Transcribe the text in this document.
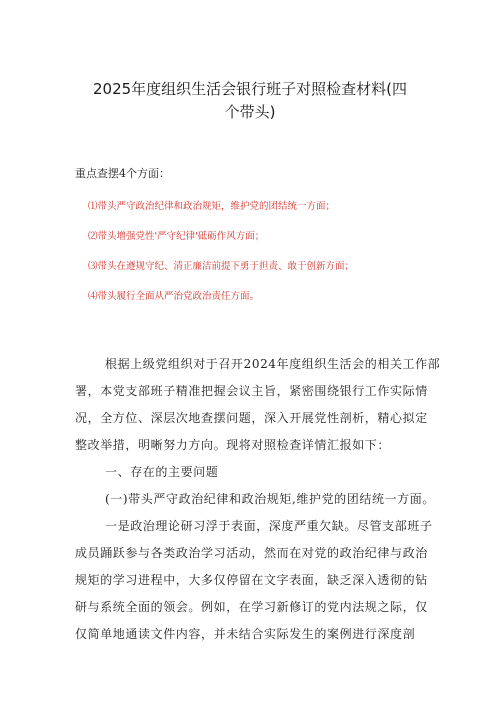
2025年度组织生活会银行班子对照检查材料(四
个带头)
重点查摆4个方面：
⑴带头严守政治纪律和政治规矩，维护党的团结统一方面；
⑵带头增强党性'严守纪律'砥砺作风方面；
⑶带头在遵规守纪、清正廉洁前提下勇于担责、敢于创新方面；
⑷带头履行全面从严治党政治责任方面。
根据上级党组织对于召开2024年度组织生活会的相关工作部
署，本党支部班子精准把握会议主旨，紧密围绕银行工作实际情
况，全方位、深层次地查摆问题，深入开展党性剖析，精心拟定
整改举措，明晰努力方向。现将对照检查详情汇报如下：
一、存在的主要问题
(一)带头严守政治纪律和政治规矩,维护党的团结统一方面。
一是政治理论研习浮于表面，深度严重欠缺。尽管支部班子
成员踊跃参与各类政治学习活动，然而在对党的政治纪律与政治
规矩的学习进程中，大多仅停留在文字表面，缺乏深入透彻的钻
研与系统全面的领会。例如，在学习新修订的党内法规之际，仅
仅简单地通读文件内容，并未结合实际发生的案例进行深度剖
